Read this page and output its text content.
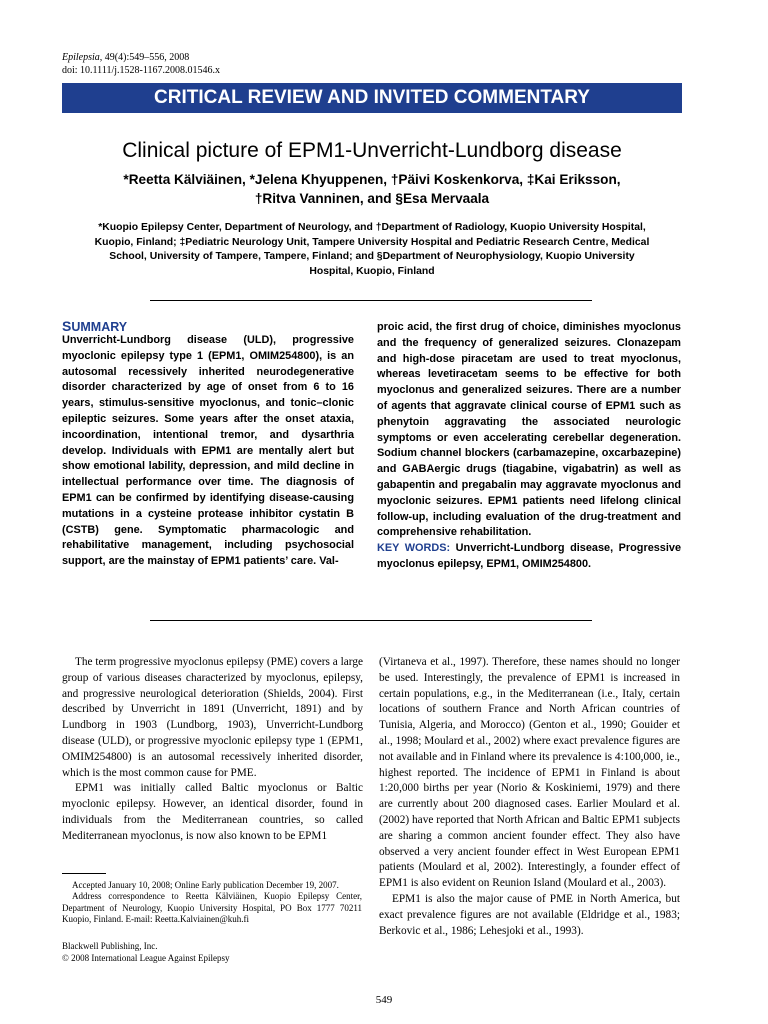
Epilepsia, 49(4):549–556, 2008
doi: 10.1111/j.1528-1167.2008.01546.x
CRITICAL REVIEW AND INVITED COMMENTARY
Clinical picture of EPM1-Unverricht-Lundborg disease
*Reetta Kälviäinen, *Jelena Khyuppenen, †Päivi Koskenkorva, ‡Kai Eriksson,
†Ritva Vanninen, and §Esa Mervaala
*Kuopio Epilepsy Center, Department of Neurology, and †Department of Radiology, Kuopio University Hospital,
Kuopio, Finland; ‡Pediatric Neurology Unit, Tampere University Hospital and Pediatric Research Centre, Medical
School, University of Tampere, Tampere, Finland; and §Department of Neurophysiology, Kuopio University
Hospital, Kuopio, Finland
SUMMARY
Unverricht-Lundborg disease (ULD), progressive myoclonic epilepsy type 1 (EPM1, OMIM254800), is an autosomal recessively inherited neurodegenerative disorder characterized by age of onset from 6 to 16 years, stimulus-sensitive myoclonus, and tonic–clonic epileptic seizures. Some years after the onset ataxia, incoordination, intentional tremor, and dysarthria develop. Individuals with EPM1 are mentally alert but show emotional lability, depression, and mild decline in intellectual performance over time. The diagnosis of EPM1 can be confirmed by identifying disease-causing mutations in a cysteine protease inhibitor cystatin B (CSTB) gene. Symptomatic pharmacologic and rehabilitative management, including psychosocial support, are the mainstay of EPM1 patients’ care. Val-
proic acid, the first drug of choice, diminishes myoclonus and the frequency of generalized seizures. Clonazepam and high-dose piracetam are used to treat myoclonus, whereas levetiracetam seems to be effective for both myoclonus and generalized seizures. There are a number of agents that aggravate clinical course of EPM1 such as phenytoin aggravating the associated neurologic symptoms or even accelerating cerebellar degeneration. Sodium channel blockers (carbamazepine, oxcarbazepine) and GABAergic drugs (tiagabine, vigabatrin) as well as gabapentin and pregabalin may aggravate myoclonus and myoclonic seizures. EPM1 patients need lifelong clinical follow-up, including evaluation of the drug-treatment and comprehensive rehabilitation.
KEY WORDS: Unverricht-Lundborg disease, Progressive myoclonus epilepsy, EPM1, OMIM254800.

The term progressive myoclonus epilepsy (PME) covers a large group of various diseases characterized by myoclonus, epilepsy, and progressive neurological deterioration (Shields, 2004). First described by Unverricht in 1891 (Unverricht, 1891) and by Lundborg in 1903 (Lundborg, 1903), Unverricht-Lundborg disease (ULD), or progressive myoclonic epilepsy type 1 (EPM1, OMIM254800) is an autosomal recessively inherited disorder, which is the most common cause for PME.

EPM1 was initially called Baltic myoclonus or Baltic myoclonic epilepsy. However, an identical disorder, found in individuals from the Mediterranean countries, so called Mediterranean myoclonus, is now also known to be EPM1

(Virtaneva et al., 1997). Therefore, these names should no longer be used. Interestingly, the prevalence of EPM1 is increased in certain populations, e.g., in the Mediterranean (i.e., Italy, certain locations of southern France and North African countries of Tunisia, Algeria, and Morocco) (Genton et al., 1990; Gouider et al., 1998; Moulard et al., 2002) where exact prevalence figures are not available and in Finland where its prevalence is 4:100,000, ie., highest reported. The incidence of EPM1 in Finland is about 1:20,000 births per year (Norio & Koskiniemi, 1979) and there are currently about 200 diagnosed cases. Earlier Moulard et al. (2002) have reported that North African and Baltic EPM1 subjects are sharing a common ancient founder effect. They also have observed a very ancient founder effect in West European EPM1 patients (Moulard et al, 2002). Interestingly, a founder effect of EPM1 is also evident on Reunion Island (Moulard et al., 2003).

EPM1 is also the major cause of PME in North America, but exact prevalence figures are not available (Eldridge et al., 1983; Berkovic et al., 1986; Lehesjoki et al., 1993).

Accepted January 10, 2008; Online Early publication December 19, 2007.

Address correspondence to Reetta Kälviäinen, Kuopio Epilepsy Center, Department of Neurology, Kuopio University Hospital, PO Box 1777 70211 Kuopio, Finland. E-mail: Reetta.Kalviainen@kuh.fi

Blackwell Publishing, Inc.
© 2008 International League Against Epilepsy
549
